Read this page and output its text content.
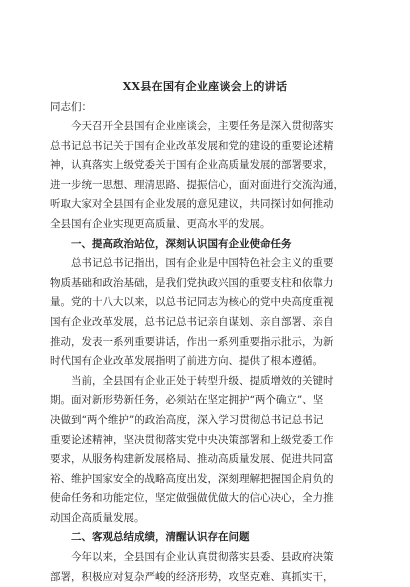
XX县在国有企业座谈会上的讲话
同志们：
今天召开全县国有企业座谈会，主要任务是深入贯彻落实
总书记总书记关于国有企业改革发展和党的建设的重要论述精
神，认真落实上级党委关于国有企业高质量发展的部署要求，
进一步统一思想、理清思路、提振信心，面对面进行交流沟通，
听取大家对全县国有企业发展的意见建议，共同探讨如何推动
全县国有企业实现更高质量、更高水平的发展。
一、提高政治站位，深刻认识国有企业使命任务
总书记总书记指出，国有企业是中国特色社会主义的重要
物质基础和政治基础，是我们党执政兴国的重要支柱和依靠力
量。党的十八大以来，以总书记同志为核心的党中央高度重视
国有企业改革发展，总书记总书记亲自谋划、亲自部署、亲自
推动，发表一系列重要讲话，作出一系列重要指示批示，为新
时代国有企业改革发展指明了前进方向、提供了根本遵循。
当前，全县国有企业正处于转型升级、提质增效的关键时
期。面对新形势新任务，必须站在坚定拥护“两个确立”、坚
决做到“两个维护”的政治高度，深入学习贯彻总书记总书记
重要论述精神，坚决贯彻落实党中央决策部署和上级党委工作
要求，从服务构建新发展格局、推动高质量发展、促进共同富
裕、维护国家安全的战略高度出发，深刻理解把握国企肩负的
使命任务和功能定位，坚定做强做优做大的信心决心，全力推
动国企高质量发展。
二、客观总结成绩，清醒认识存在问题
今年以来，全县国有企业认真贯彻落实县委、县政府决策
部署，积极应对复杂严峻的经济形势，攻坚克难、真抓实干，
